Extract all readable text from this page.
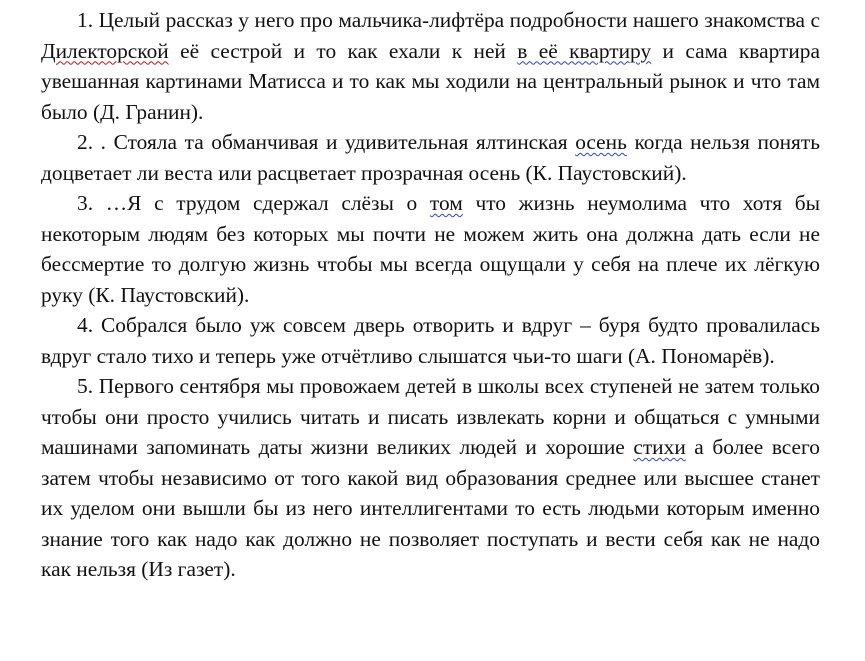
1. Целый рассказ у него про мальчика-лифтёра подробности нашего знакомства с Дилекторской её сестрой и то как ехали к ней в её квартиру и сама квартира увешанная картинами Матисса и то как мы ходили на центральный рынок и что там было (Д. Гранин).

2. . Стояла та обманчивая и удивительная ялтинская осень когда нельзя понять доцветает ли веста или расцветает прозрачная осень (К. Паустовский).

3. …Я с трудом сдержал слёзы о том что жизнь неумолима что хотя бы некоторым людям без которых мы почти не можем жить она должна дать если не бессмертие то долгую жизнь чтобы мы всегда ощущали у себя на плече их лёгкую руку (К. Паустовский).

4. Собрался было уж совсем дверь отворить и вдруг – буря будто провалилась вдруг стало тихо и теперь уже отчётливо слышатся чьи-то шаги (А. Пономарёв).

5. Первого сентября мы провожаем детей в школы всех ступеней не затем только чтобы они просто учились читать и писать извлекать корни и общаться с умными машинами запоминать даты жизни великих людей и хорошие стихи а более всего затем чтобы независимо от того какой вид образования среднее или высшее станет их уделом они вышли бы из него интеллигентами то есть людьми которым именно знание того как надо как должно не позволяет поступать и вести себя как не надо как нельзя (Из газет).
